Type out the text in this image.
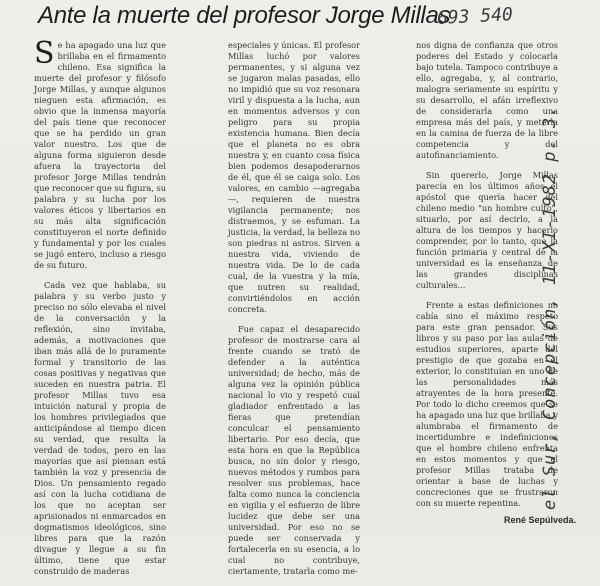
Ante la muerte del profesor Jorge Millas
693 540

Se ha apagado una luz que brillaba en el firmamento chileno. Esa significa la muerte del profesor y filósofo Jorge Millas, y aunque algunos nieguen esta afirmación, es obvio que la inmensa mayoría del país tiene que reconocer que se ha perdido un gran valor nuestro. Los que de alguna forma siguieron desde afuera la trayectoria del profesor Jorge Millas tendrán que reconocer que su figura, su palabra y su lucha por los valores éticos y libertarios en su más alta significación constituyeron el norte definido y fundamental y por los cuales se jugó entero, incluso a riesgo de su futuro.

Cada vez que hablaba, su palabra y su verbo justo y preciso no sólo elevaba el nivel de la conversación y la reflexión, sino invitaba, además, a motivaciones que iban más allá de lo puramente formal y transitorio de las cosas positivas y negativas que suceden en nuestra patria. El profesor Millas tuvo esa intuición natural y propia de los hombres privilegiados que anticipándose al tiempo dicen su verdad, que resulta la verdad de todos, pero en las mayorías que así piensan está también la voz y presencia de Dios. Un pensamiento regado así con la lucha cotidiana de los que no aceptan ser aprisionados ni enmarcados en dogmatismos ideológicos, sino libres para que la razón divague y llegue a su fin último, tiene que estar construido de maderas

especiales y únicas. El profesor Millas luchó por valores permanentes, y si alguna vez se jugaron malas pasadas, ello no impidió que su voz resonara viril y dispuesta a la lucha, aun en momentos adversos y con peligro para su propia existencia humana. Bien decía que el planeta no es obra nuestra y, en cuanto cosa física bien podemos desapoderarnos de él, que él se caiga solo. Los valores, en cambio —agregaba—, requieren de nuestra vigilancia permanente; nos distraemos, y se esfuman. La justicia, la verdad, la belleza no son piedras ni astros. Sirven a nuestra vida, viviendo de nuestra vida. De lo de cada cual, de la vuestra y la mía, que nutren su realidad, convirtiéndolos en acción concreta.

Fue capaz el desaparecido profesor de mostrarse cara al frente cuando se trató de defender a la auténtica universidad; de hecho, más de alguna vez la opinión pública nacional lo vio y respetó cual gladiador enfrentado a las fieras que pretendían conculcar el pensamiento libertario. Por eso decía, que esta hora en que la República busca, no sin dolor y riesgo, nuevos métodos y rumbos para resolver sus problemas, hace falta como nunca la conciencia en vigilia y el esfuerzo de libre lucidez que debe ser una universidad. Por eso no se puede ser conservada y fortalecerla en su esencia, a lo cual no contribuye, ciertamente, tratarla como me-

nos digna de confianza que otros poderes del Estado y colocarla bajo tutela. Tampoco contribuye a ello, agregaba, y, al contrario, malogra seriamente su espíritu y su desarrollo, el afán irreflexivo de considerarla como una empresa más del país, y meterla en la camisa de fuerza de la libre competencia y del autofinanciamiento.

Sin quererlo, Jorge Millas parecía en los últimos años el apóstol que quería hacer del chileno medio "un hombre culto", situarlo, por así decirlo, a la altura de los tiempos y hacerlo comprender, por lo tanto, que la función primaria y central de la universidad es la enseñanza de las grandes disciplinas culturales...

Frente a estas definiciones no cabía sino el máximo respeto para este gran pensador. Sus libros y su paso por las aulas de estudios superiores, aparte del prestigio de que gozaba en el exterior, lo constituían en uno de las personalidades más atrayentes de la hora presente. Por todo lo dicho creemos que se ha apagado una luz que brillaba y alumbraba el firmamento de incertidumbre e indefiniciones que el hombre chileno enfrenta en estos momentos y que el profesor Millas trataba de orientar a base de luchas y concreciones que se frustraron con su muerte repentina.	el Sur, Concepción, 11-XI-1982 p. 3.
René Sepúlveda.
